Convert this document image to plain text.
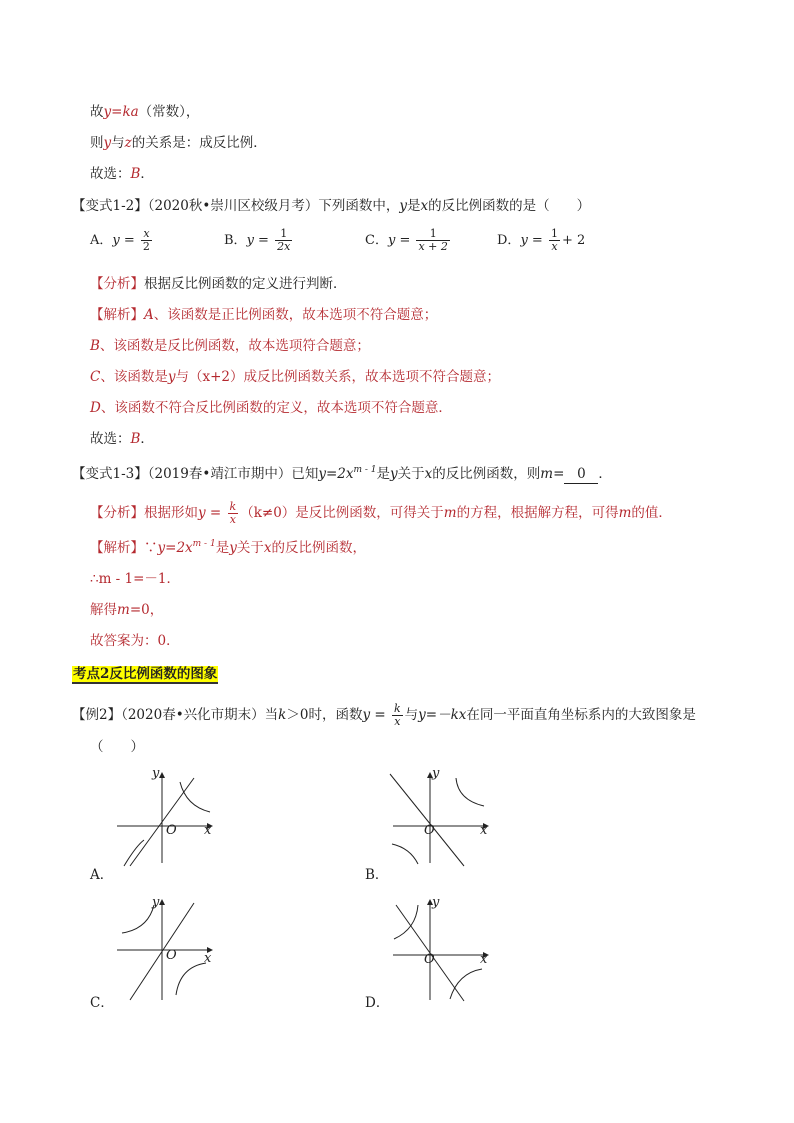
故y=ka（常数），
则y与z的关系是：成反比例．
故选：B．
【变式1-2】（2020秋•崇川区校级月考）下列函数中，y是x的反比例函数的是（　　）
A．$y = \frac{x}{2}$	B．$y = \frac{1}{2x}$	C．$y = \frac{1}{x + 2}$	D．$y = \frac{1}{x} + 2$
【分析】根据反比例函数的定义进行判断．
【解析】A、该函数是正比例函数，故本选项不符合题意；
B、该函数是反比例函数，故本选项符合题意；
C、该函数是y与（x+2）成反比例函数关系，故本选项不符合题意；
D、该函数不符合反比例函数的定义，故本选项不符合题意．
故选：B．
【变式1-3】（2019春•靖江市期中）已知$y=2x^{m - 1}$是y关于x的反比例函数，则m= 0 ．
【分析】根据形如$y = \frac{k}{x} (k\ne 0)$是反比例函数，可得关于m的方程，根据解方程，可得m的值．
【解析】$\because y=2x^{m - 1}$是y关于x的反比例函数，
∴m - 1=－1．
解得m=0，
故答案为：0．
考点2反比例函数的图象
【例2】（2020春•兴化市期末）当k＞0时，函数$y = \frac{k}{x}$ 与y=－kx在同一平面直角坐标系内的大致图象是
（　　）
y
x
O
A．
y
x
O
B．
y
x
O
C．
y
x
O
D．
